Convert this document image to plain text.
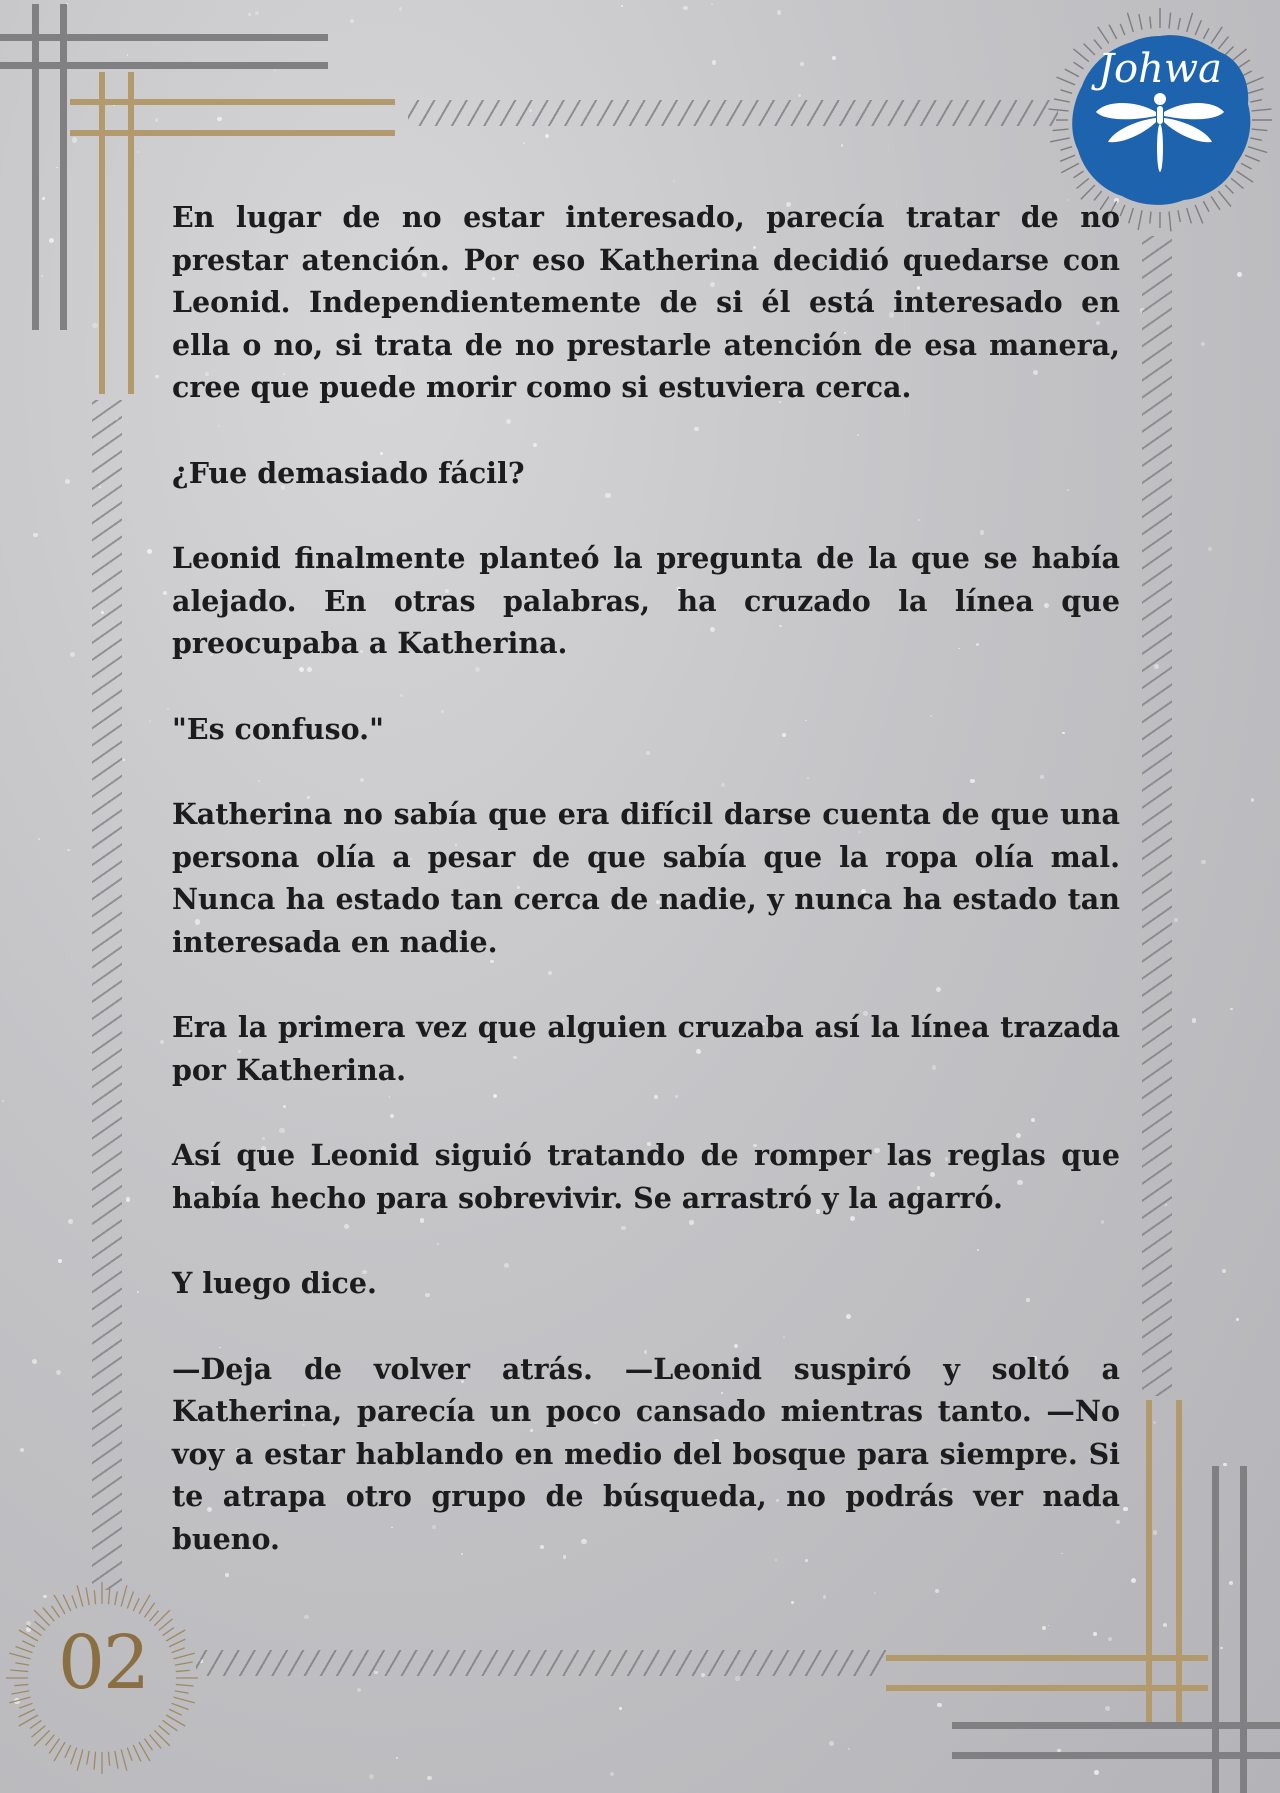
Johwa
02

En lugar de no estar interesado, parecía tratar de no prestar atención. Por eso Katherina decidió quedarse con Leonid. Independientemente de si él está interesado en ella o no, si trata de no prestarle atención de esa manera, cree que puede morir como si estuviera cerca.

¿Fue demasiado fácil?

Leonid finalmente planteó la pregunta de la que se había alejado. En otras palabras, ha cruzado la línea que preocupaba a Katherina.

"Es confuso."

Katherina no sabía que era difícil darse cuenta de que una persona olía a pesar de que sabía que la ropa olía mal. Nunca ha estado tan cerca de nadie, y nunca ha estado tan interesada en nadie.

Era la primera vez que alguien cruzaba así la línea trazada por Katherina.

Así que Leonid siguió tratando de romper las reglas que había hecho para sobrevivir. Se arrastró y la agarró.

Y luego dice.

—Deja de volver atrás. —Leonid suspiró y soltó a Katherina, parecía un poco cansado mientras tanto. —No voy a estar hablando en medio del bosque para siempre. Si te atrapa otro grupo de búsqueda, no podrás ver nada bueno.
